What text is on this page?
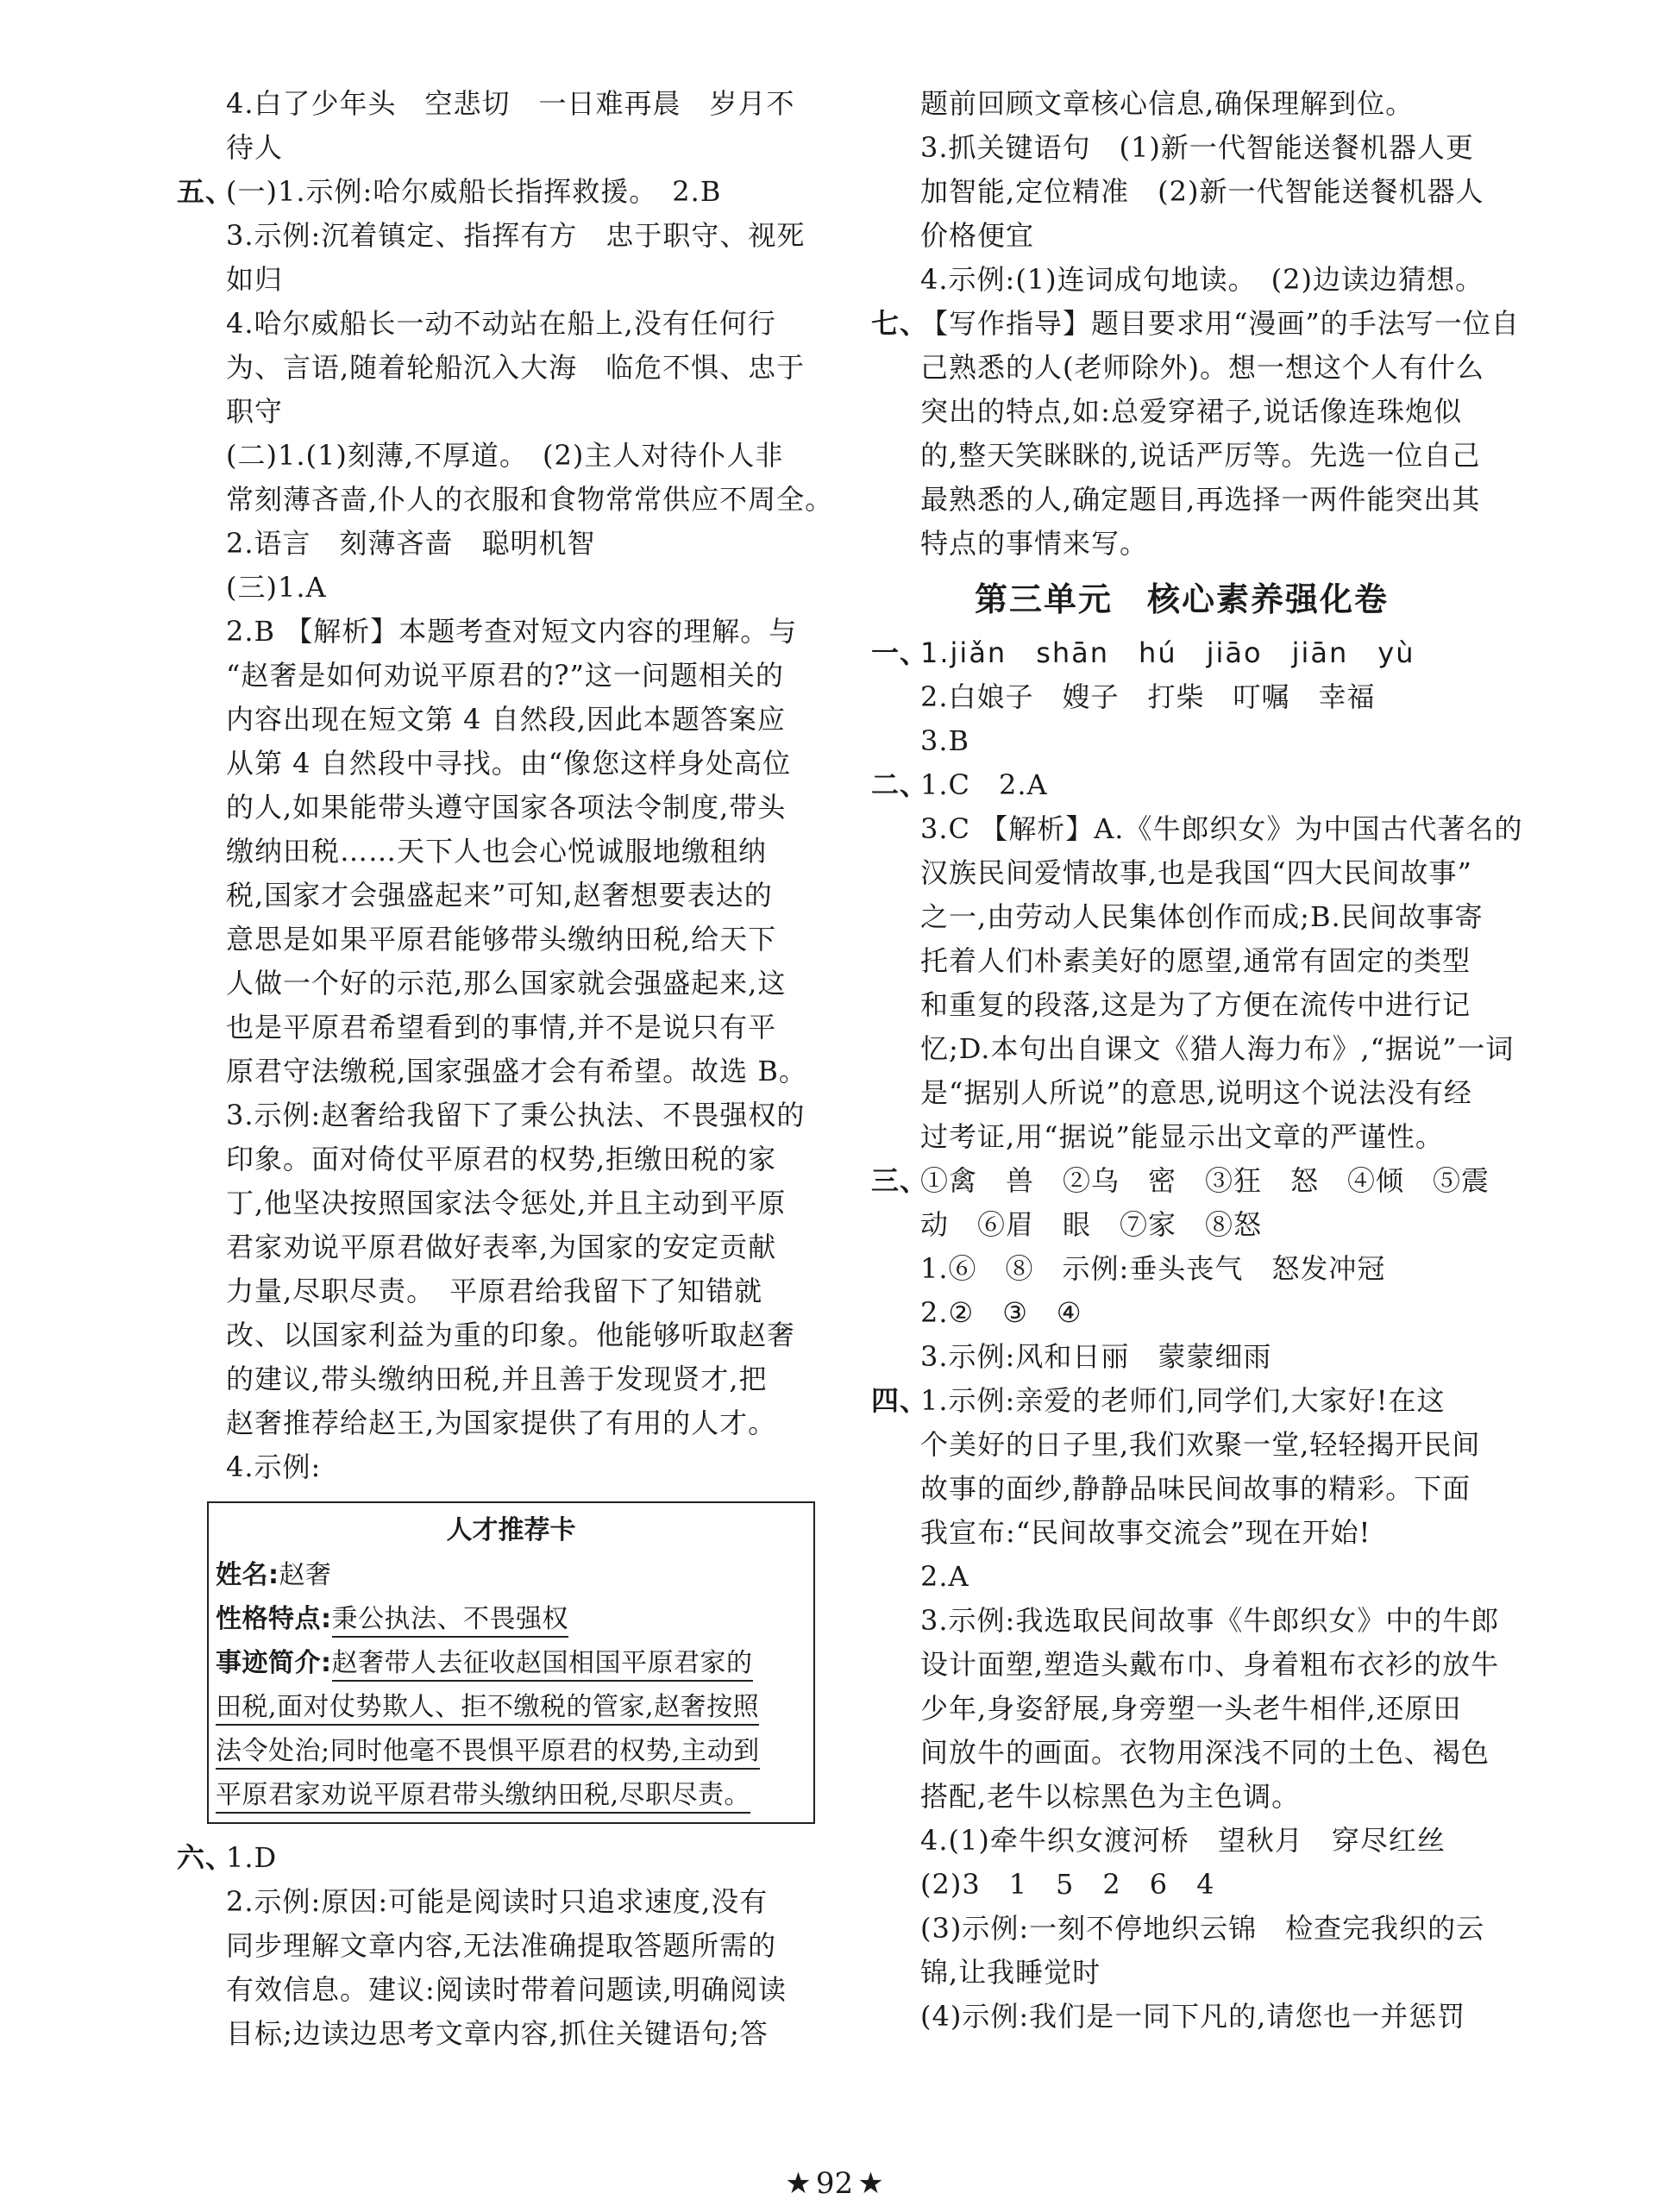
4.白了少年头　空悲切　一日难再晨　岁月不
待人
五、(一)1.示例:哈尔威船长指挥救援。　2.B
3.示例:沉着镇定、指挥有方　忠于职守、视死
如归
4.哈尔威船长一动不动站在船上,没有任何行
为、言语,随着轮船沉入大海　临危不惧、忠于
职守
(二)1.(1)刻薄,不厚道。　(2)主人对待仆人非
常刻薄吝啬,仆人的衣服和食物常常供应不周全。
2.语言　刻薄吝啬　聪明机智
(三)1.A
2.B 【解析】本题考查对短文内容的理解。与
“赵奢是如何劝说平原君的?”这一问题相关的
内容出现在短文第 4 自然段,因此本题答案应
从第 4 自然段中寻找。由“像您这样身处高位
的人,如果能带头遵守国家各项法令制度,带头
缴纳田税……天下人也会心悦诚服地缴租纳
税,国家才会强盛起来”可知,赵奢想要表达的
意思是如果平原君能够带头缴纳田税,给天下
人做一个好的示范,那么国家就会强盛起来,这
也是平原君希望看到的事情,并不是说只有平
原君守法缴税,国家强盛才会有希望。故选 B。
3.示例:赵奢给我留下了秉公执法、不畏强权的
印象。面对倚仗平原君的权势,拒缴田税的家
丁,他坚决按照国家法令惩处,并且主动到平原
君家劝说平原君做好表率,为国家的安定贡献
力量,尽职尽责。　平原君给我留下了知错就
改、以国家利益为重的印象。他能够听取赵奢
的建议,带头缴纳田税,并且善于发现贤才,把
赵奢推荐给赵王,为国家提供了有用的人才。
4.示例:
人才推荐卡
姓名:赵奢
性格特点:秉公执法、不畏强权
事迹简介:赵奢带人去征收赵国相国平原君家的
田税,面对仗势欺人、拒不缴税的管家,赵奢按照
法令处治;同时他毫不畏惧平原君的权势,主动到
平原君家劝说平原君带头缴纳田税,尽职尽责。
六、1.D
2.示例:原因:可能是阅读时只追求速度,没有
同步理解文章内容,无法准确提取答题所需的
有效信息。建议:阅读时带着问题读,明确阅读
目标;边读边思考文章内容,抓住关键语句;答
题前回顾文章核心信息,确保理解到位。
3.抓关键语句　(1)新一代智能送餐机器人更
加智能,定位精准　(2)新一代智能送餐机器人
价格便宜
4.示例:(1)连词成句地读。　(2)边读边猜想。
七、【写作指导】题目要求用“漫画”的手法写一位自
己熟悉的人(老师除外)。想一想这个人有什么
突出的特点,如:总爱穿裙子,说话像连珠炮似
的,整天笑眯眯的,说话严厉等。先选一位自己
最熟悉的人,确定题目,再选择一两件能突出其
特点的事情来写。
第三单元　核心素养强化卷
一、1.jiǎn　shān　hú　jiāo　jiān　yù
2.白娘子　嫂子　打柴　叮嘱　幸福
3.B
二、1.C　2.A
3.C 【解析】A.《牛郎织女》为中国古代著名的
汉族民间爱情故事,也是我国“四大民间故事”
之一,由劳动人民集体创作而成;B.民间故事寄
托着人们朴素美好的愿望,通常有固定的类型
和重复的段落,这是为了方便在流传中进行记
忆;D.本句出自课文《猎人海力布》,“据说”一词
是“据别人所说”的意思,说明这个说法没有经
过考证,用“据说”能显示出文章的严谨性。
三、①禽　兽　②乌　密　③狂　怒　④倾　⑤震
动　⑥眉　眼　⑦家　⑧怒
1.⑥　⑧　示例:垂头丧气　怒发冲冠
2.②　③　④
3.示例:风和日丽　蒙蒙细雨
四、1.示例:亲爱的老师们,同学们,大家好!在这
个美好的日子里,我们欢聚一堂,轻轻揭开民间
故事的面纱,静静品味民间故事的精彩。下面
我宣布:“民间故事交流会”现在开始!
2.A
3.示例:我选取民间故事《牛郎织女》中的牛郎
设计面塑,塑造头戴布巾、身着粗布衣衫的放牛
少年,身姿舒展,身旁塑一头老牛相伴,还原田
间放牛的画面。衣物用深浅不同的土色、褐色
搭配,老牛以棕黑色为主色调。
4.(1)牵牛织女渡河桥　望秋月　穿尽红丝
(2)3　1　5　2　6　4
(3)示例:一刻不停地织云锦　检查完我织的云
锦,让我睡觉时
(4)示例:我们是一同下凡的,请您也一并惩罚
★ 92 ★
